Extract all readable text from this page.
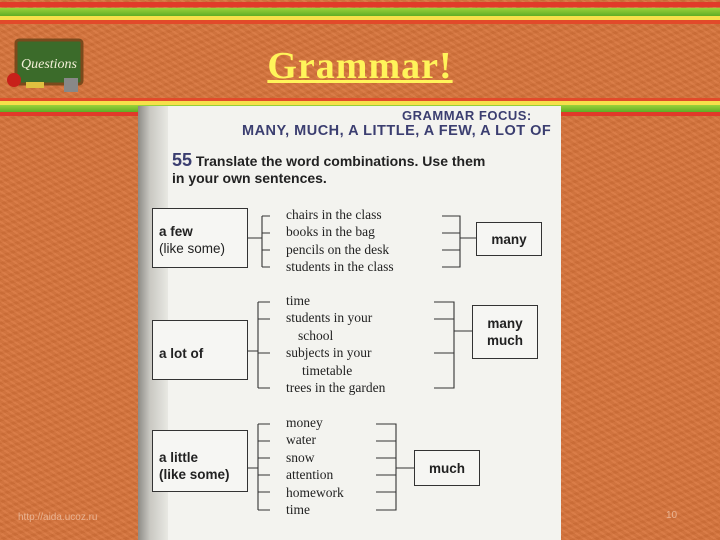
Questions	Grammar!
GRAMMAR FOCUS:
MANY, MUCH, A LITTLE, A FEW, A LOT OF
55 Translate the word combinations. Use them
in your own sentences.
a few
(like some)
chairs in the class
books in the bag
pencils on the desk
students in the class
many
a lot of
time
students in your
school
subjects in your
timetable
trees in the garden
many
much
a little
(like some)
money
water
snow
attention
homework
time
much
http://aida.ucoz.ru	10
